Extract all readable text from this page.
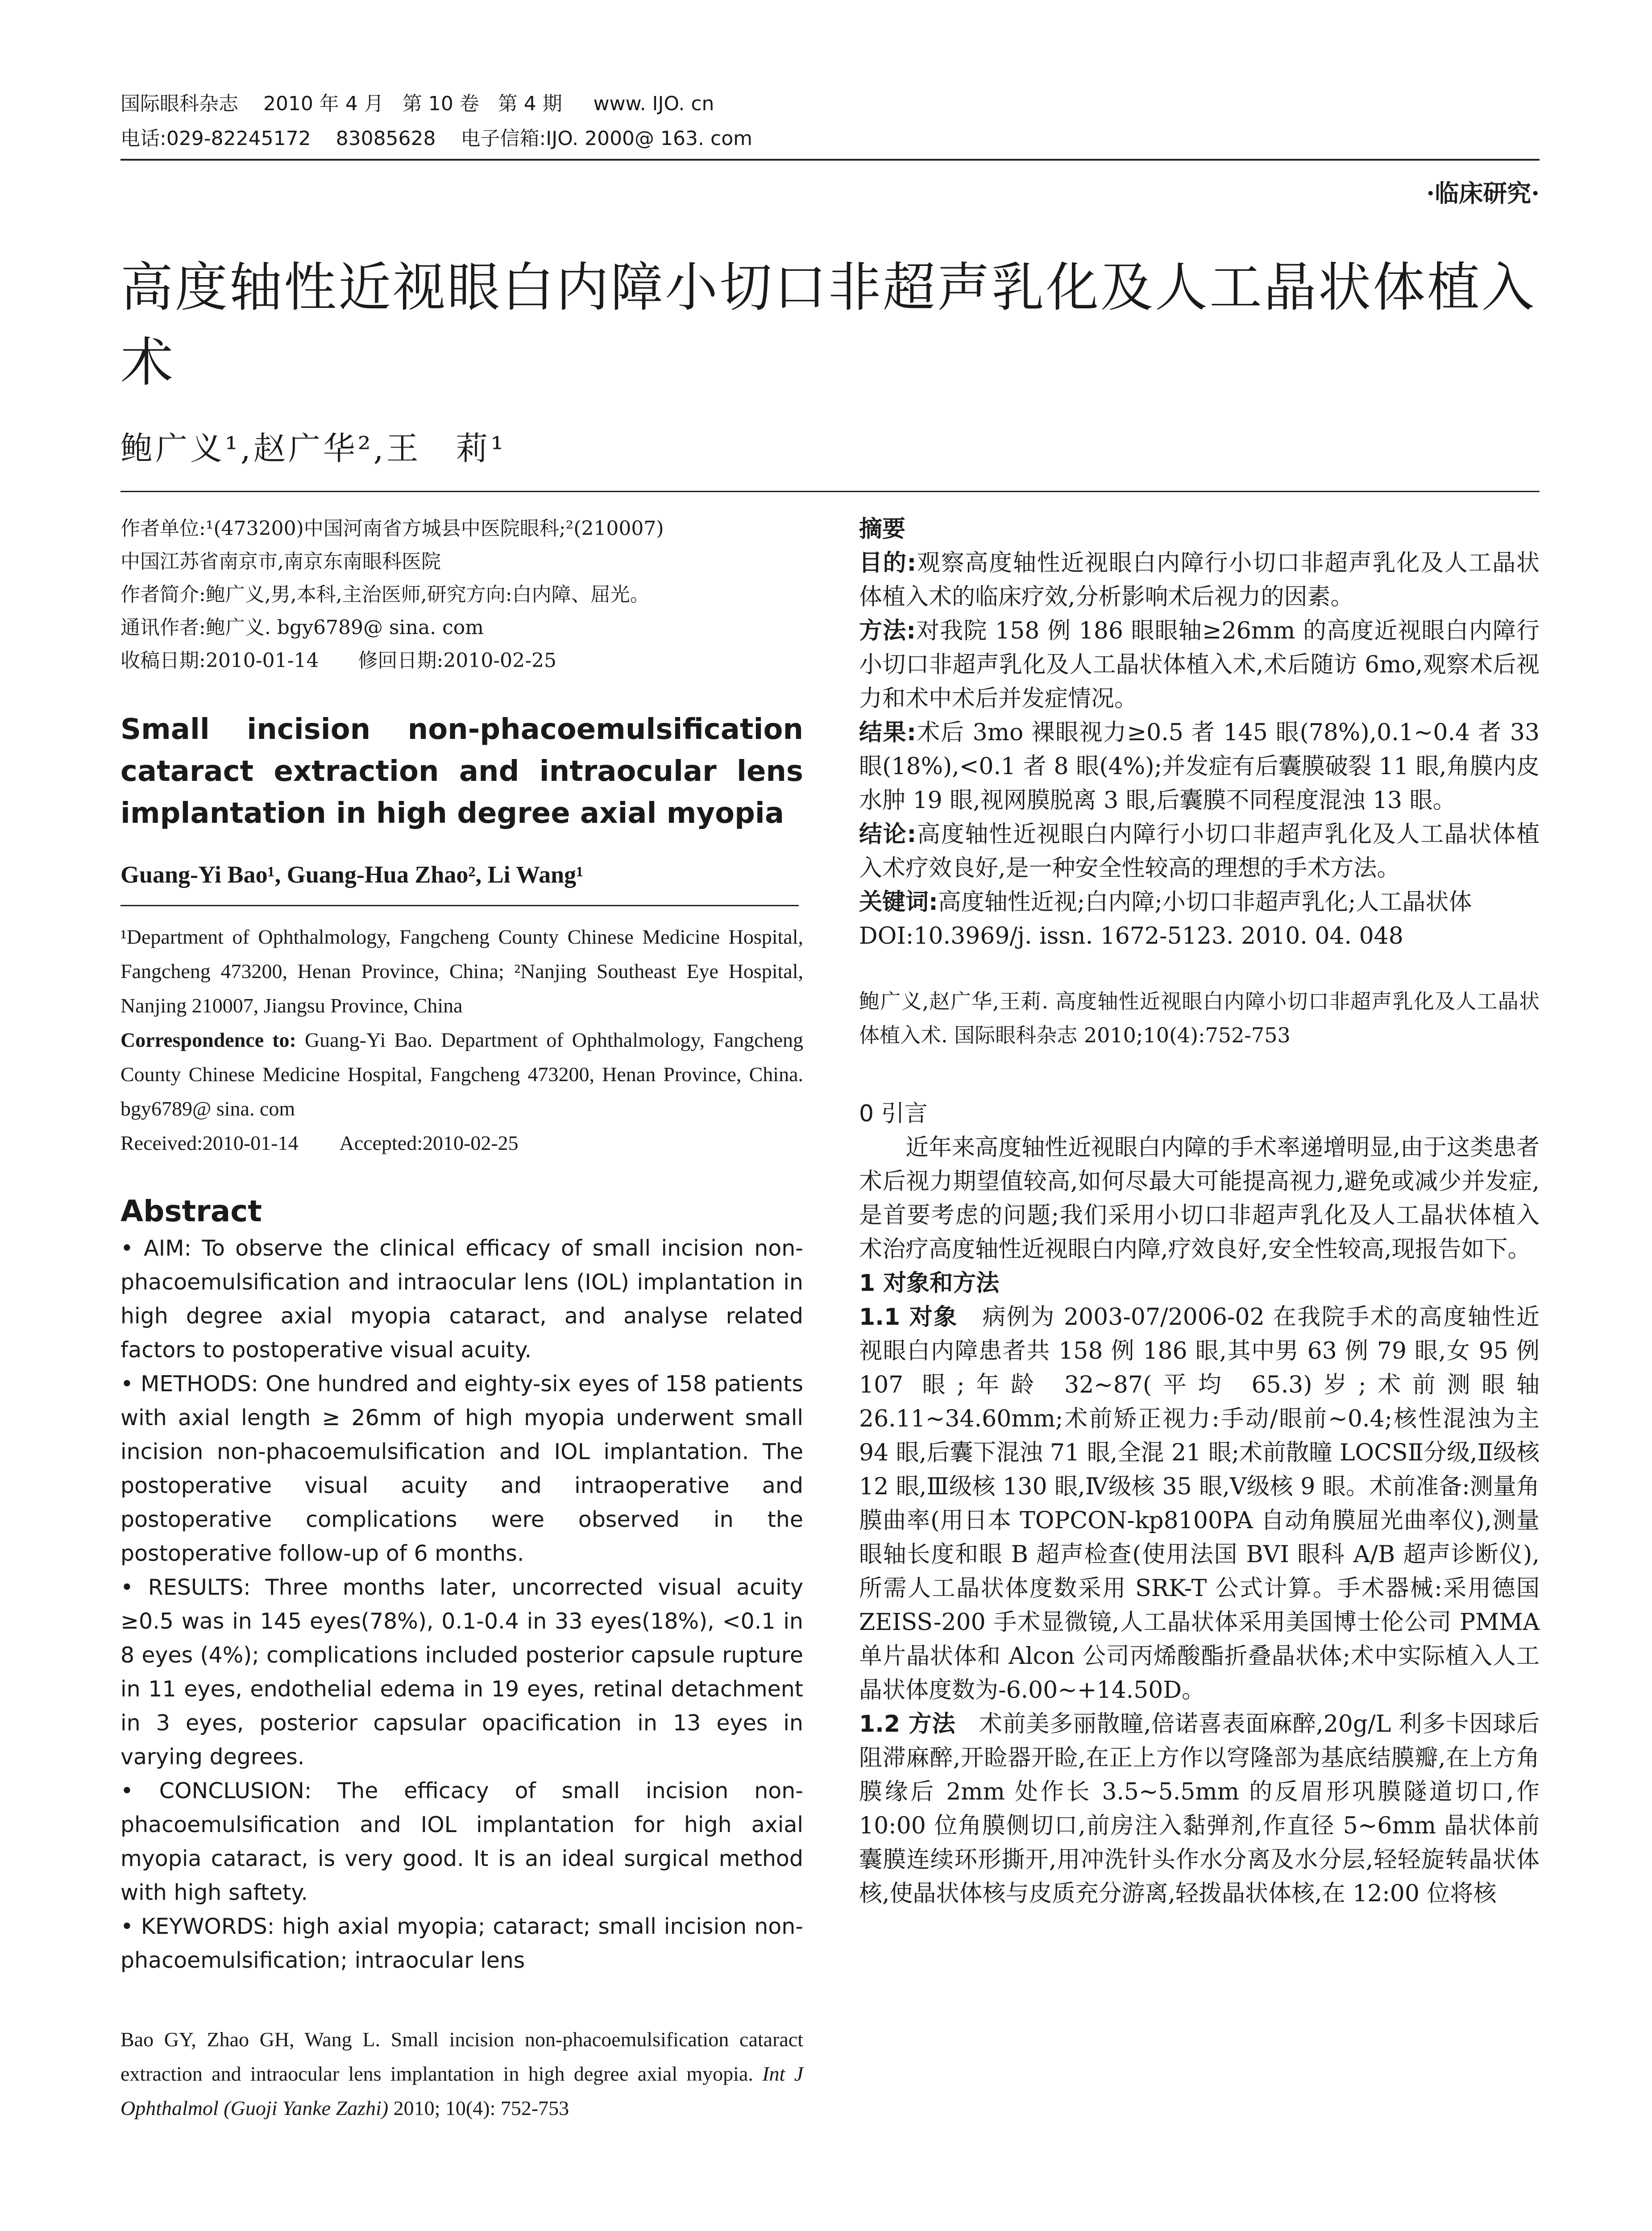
国际眼科杂志    2010 年 4 月   第 10 卷   第 4 期     www. IJO. cn
电话:029-82245172    83085628    电子信箱:IJO. 2000@ 163. com
·临床研究·
高度轴性近视眼白内障小切口非超声乳化及人工晶状体植入术
鲍广义¹,赵广华²,王　莉¹

作者单位:¹(473200)中国河南省方城县中医院眼科;²(210007)

中国江苏省南京市,南京东南眼科医院

作者简介:鲍广义,男,本科,主治医师,研究方向:白内障、屈光。

通讯作者:鲍广义. bgy6789@ sina. com

收稿日期:2010-01-14　　修回日期:2010-02-25

Small incision non-phacoemulsification cataract extraction and intraocular lens implantation in high degree axial myopia

Guang-Yi Bao¹, Guang-Hua Zhao², Li Wang¹

¹Department of Ophthalmology, Fangcheng County Chinese Medicine Hospital, Fangcheng 473200, Henan Province, China; ²Nanjing Southeast Eye Hospital, Nanjing 210007, Jiangsu Province, China

Correspondence to: Guang-Yi Bao. Department of Ophthalmology, Fangcheng County Chinese Medicine Hospital, Fangcheng 473200, Henan Province, China. bgy6789@ sina. com

Received:2010-01-14　　Accepted:2010-02-25

Abstract

• AIM: To observe the clinical efficacy of small incision non-phacoemulsification and intraocular lens (IOL) implantation in high degree axial myopia cataract, and analyse related factors to postoperative visual acuity.

• METHODS: One hundred and eighty-six eyes of 158 patients with axial length ≥ 26mm of high myopia underwent small incision non-phacoemulsification and IOL implantation. The postoperative visual acuity and intraoperative and postoperative complications were observed in the postoperative follow-up of 6 months.

• RESULTS: Three months later, uncorrected visual acuity ≥0.5 was in 145 eyes(78%), 0.1-0.4 in 33 eyes(18%), <0.1 in 8 eyes (4%); complications included posterior capsule rupture in 11 eyes, endothelial edema in 19 eyes, retinal detachment in 3 eyes, posterior capsular opacification in 13 eyes in varying degrees.

• CONCLUSION: The efficacy of small incision non-phacoemulsification and IOL implantation for high axial myopia cataract, is very good. It is an ideal surgical method with high saftety.

• KEYWORDS: high axial myopia; cataract; small incision non-phacoemulsification; intraocular lens

Bao GY, Zhao GH, Wang L. Small incision non-phacoemulsification cataract extraction and intraocular lens implantation in high degree axial myopia. Int J Ophthalmol (Guoji Yanke Zazhi) 2010; 10(4): 752-753

摘要

目的:观察高度轴性近视眼白内障行小切口非超声乳化及人工晶状体植入术的临床疗效,分析影响术后视力的因素。

方法:对我院 158 例 186 眼眼轴≥26mm 的高度近视眼白内障行小切口非超声乳化及人工晶状体植入术,术后随访 6mo,观察术后视力和术中术后并发症情况。

结果:术后 3mo 裸眼视力≥0.5 者 145 眼(78%),0.1~0.4 者 33 眼(18%),<0.1 者 8 眼(4%);并发症有后囊膜破裂 11 眼,角膜内皮水肿 19 眼,视网膜脱离 3 眼,后囊膜不同程度混浊 13 眼。

结论:高度轴性近视眼白内障行小切口非超声乳化及人工晶状体植入术疗效良好,是一种安全性较高的理想的手术方法。

关键词:高度轴性近视;白内障;小切口非超声乳化;人工晶状体

DOI:10.3969/j. issn. 1672-5123. 2010. 04. 048

鲍广义,赵广华,王莉. 高度轴性近视眼白内障小切口非超声乳化及人工晶状体植入术. 国际眼科杂志 2010;10(4):752-753

0 引言

近年来高度轴性近视眼白内障的手术率递增明显,由于这类患者术后视力期望值较高,如何尽最大可能提高视力,避免或减少并发症,是首要考虑的问题;我们采用小切口非超声乳化及人工晶状体植入术治疗高度轴性近视眼白内障,疗效良好,安全性较高,现报告如下。

1 对象和方法

1.1 对象　病例为 2003-07/2006-02 在我院手术的高度轴性近视眼白内障患者共 158 例 186 眼,其中男 63 例 79 眼,女 95 例 107 眼;年龄 32~87(平均 65.3)岁;术前测眼轴 26.11~34.60mm;术前矫正视力:手动/眼前~0.4;核性混浊为主 94 眼,后囊下混浊 71 眼,全混 21 眼;术前散瞳 LOCSⅡ分级,Ⅱ级核 12 眼,Ⅲ级核 130 眼,Ⅳ级核 35 眼,Ⅴ级核 9 眼。术前准备:测量角膜曲率(用日本 TOPCON-kp8100PA 自动角膜屈光曲率仪),测量眼轴长度和眼 B 超声检查(使用法国 BVI 眼科 A/B 超声诊断仪),所需人工晶状体度数采用 SRK-T 公式计算。手术器械:采用德国 ZEISS-200 手术显微镜,人工晶状体采用美国博士伦公司 PMMA 单片晶状体和 Alcon 公司丙烯酸酯折叠晶状体;术中实际植入人工晶状体度数为-6.00~+14.50D。

1.2 方法　术前美多丽散瞳,倍诺喜表面麻醉,20g/L 利多卡因球后阻滞麻醉,开睑器开睑,在正上方作以穹隆部为基底结膜瓣,在上方角膜缘后 2mm 处作长 3.5~5.5mm 的反眉形巩膜隧道切口,作 10:00 位角膜侧切口,前房注入黏弹剂,作直径 5~6mm 晶状体前囊膜连续环形撕开,用冲洗针头作水分离及水分层,轻轻旋转晶状体核,使晶状体核与皮质充分游离,轻拨晶状体核,在 12:00 位将核
